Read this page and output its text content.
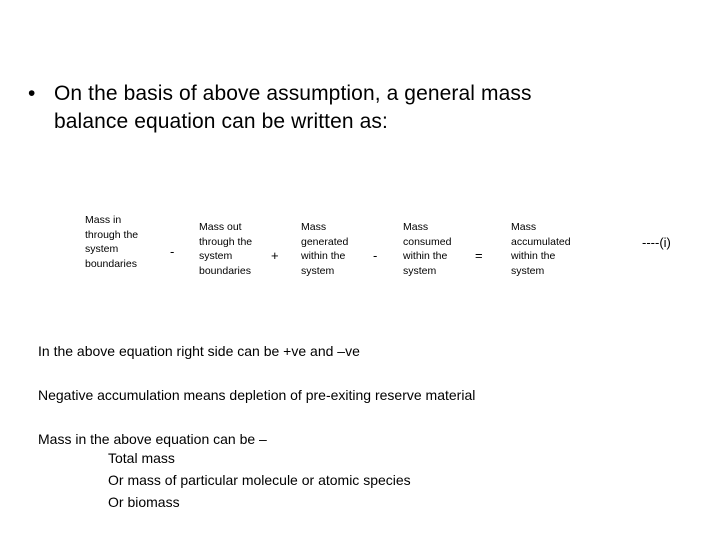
• On the basis of above assumption, a general mass
balance equation can be written as:
Mass in
through the
system
boundaries
-
Mass out
through the
system
boundaries
+
Mass
generated
within the
system
-
Mass
consumed
within the
system
=
Mass
accumulated
within the
system
----(i)
In the above equation right side can be +ve and –ve
Negative accumulation means depletion of pre-exiting reserve material
Mass in the above equation can be –
Total mass
Or mass of particular molecule or atomic species
Or biomass
